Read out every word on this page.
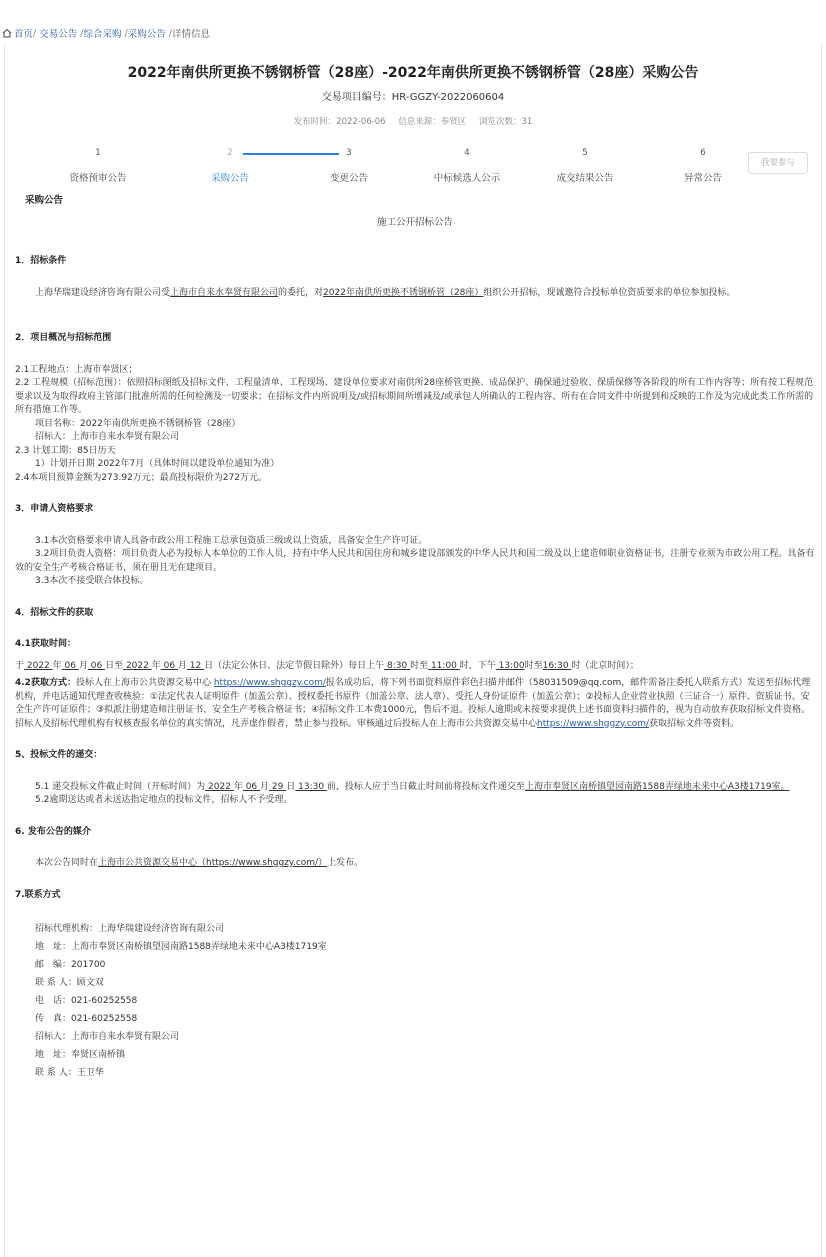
首页 / 交易公告 / 综合采购 / 采购公告 / 详情信息
2022年南供所更换不锈钢桥管（28座）-2022年南供所更换不锈钢桥管（28座）采购公告
交易项目编号：HR-GGZY-2022060604
发布时间：2022-06-06 信息来源：奉贤区 浏览次数：31
1
资格预审公告
2
采购公告
3
变更公告
4
中标候选人公示
5
成交结果公告
6
异常公告
我要参与
采购公告
施工公开招标公告
1．招标条件
上海华瑞建设经济咨询有限公司受上海市自来水奉贤有限公司的委托，对2022年南供所更换不锈钢桥管（28座）组织公开招标，现诚邀符合投标单位资质要求的单位参加投标。
2．项目概况与招标范围
2.1工程地点：上海市奉贤区；
2.2 工程规模（招标范围）：依照招标图纸及招标文件、工程量清单、工程现场、建设单位要求对南供所28座桥管更换、成品保护、确保通过验收、保质保修等各阶段的所有工作内容等；所有按工程规范要求以及为取得政府主管部门批准所需的任何检测及一切要求；在招标文件内所说明及/或招标期间所增减及/或承包人所确认的工程内容、所有在合同文件中所提到和反映的工作及为完成此类工作所需的所有措施工作等。
项目名称：2022年南供所更换不锈钢桥管（28座）
招标人：上海市自来水奉贤有限公司
2.3 计划工期：85日历天
1）计划开日期 2022年7月（具体时间以建设单位通知为准）
2.4本项目预算金额为273.92万元；最高投标限价为272万元。
3．申请人资格要求
3.1本次资格要求申请人具备市政公用工程施工总承包资质三级或以上资质，具备安全生产许可证。
3.2项目负责人资格：项目负责人必为投标人本单位的工作人员，持有中华人民共和国住房和城乡建设部颁发的中华人民共和国二级及以上建造师职业资格证书，注册专业须为市政公用工程。具备有效的安全生产考核合格证书，须在册且无在建项目。
3.3本次不接受联合体投标。
4．招标文件的获取
4.1获取时间：
于 2022 年 06 月 06 日至 2022 年 06 月 12 日（法定公休日、法定节假日除外）每日上午 8:30 时至 11:00 时，下午 13:00时至16:30 时（北京时间）；
4.2获取方式：投标人在上海市公共资源交易中心 https://www.shggzy.com/报名成功后，将下列书面资料原件彩色扫描并邮件（58031509@qq.com，邮件需备注委托人联系方式）发送至招标代理机构，并电话通知代理查收核验：①法定代表人证明原件（加盖公章）、授权委托书原件（加盖公章、法人章）、受托人身份证原件（加盖公章）；②投标人企业营业执照（三证合一）原件、资质证书、安全生产许可证原件；③拟派注册建造师注册证书、安全生产考核合格证书；④招标文件工本费1000元，售后不退。投标人逾期或未按要求提供上述书面资料扫描件的，视为自动放弃获取招标文件资格。招标人及招标代理机构有权核查报名单位的真实情况，凡弄虚作假者，禁止参与投标。审核通过后投标人在上海市公共资源交易中心https://www.shggzy.com/获取招标文件等资料。
5、投标文件的递交：
5.1 递交投标文件截止时间（开标时间）为 2022 年 06 月 29 日 13:30 前，投标人应于当日截止时间前将投标文件递交至上海市奉贤区南桥镇望园南路1588弄绿地未来中心A3楼1719室。
5.2逾期送达或者未送达指定地点的投标文件，招标人不予受理。
6. 发布公告的媒介
本次公告同时在上海市公共资源交易中心（https://www.shggzy.com/）上发布。
7.联系方式
招标代理机构：上海华瑞建设经济咨询有限公司
地　址：上海市奉贤区南桥镇望园南路1588弄绿地未来中心A3楼1719室
邮　编：201700
联 系 人：顾文双
电　话：021-60252558
传　真：021-60252558
招标人：上海市自来水奉贤有限公司
地　址：奉贤区南桥镇
联 系 人：王卫华
